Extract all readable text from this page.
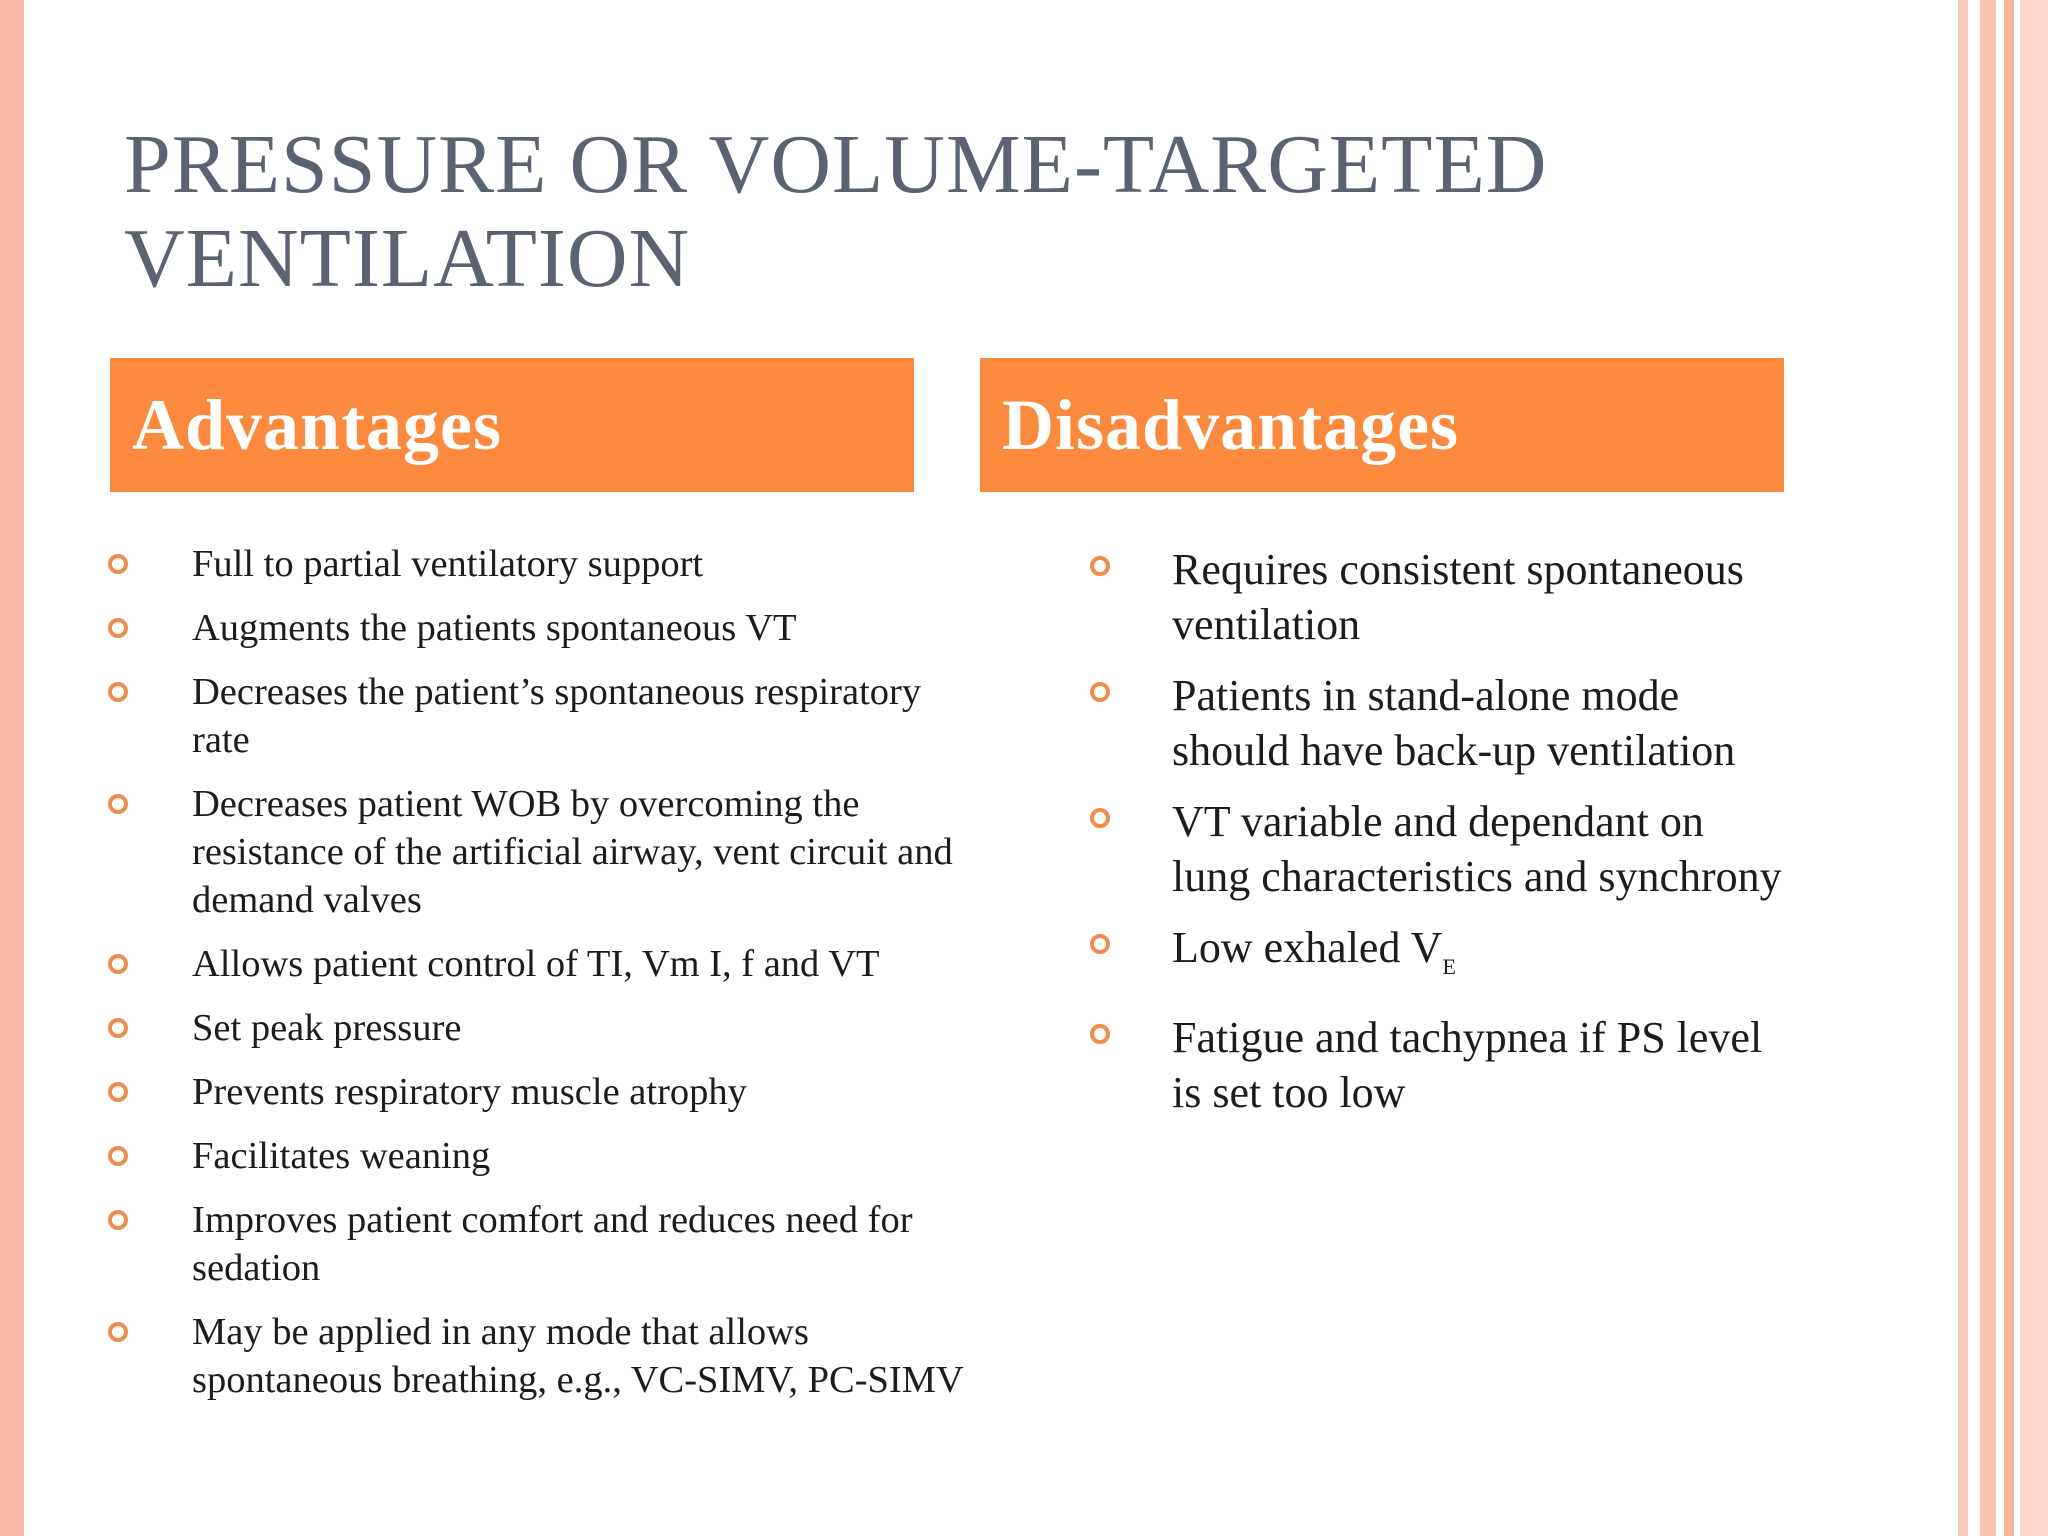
PRESSURE OR VOLUME-TARGETED
VENTILATION
Advantages	Disadvantages
Full to partial ventilatory support
Augments the patients spontaneous VT
Decreases the patient’s spontaneous respiratory rate
Decreases patient WOB by overcoming the resistance of the artificial airway, vent circuit and demand valves
Allows patient control of TI, Vm I, f and VT
Set peak pressure
Prevents respiratory muscle atrophy
Facilitates weaning
Improves patient comfort and reduces need for sedation
May be applied in any mode that allows spontaneous breathing, e.g., VC-SIMV, PC-SIMV
Requires consistent spontaneous ventilation
Patients in stand-alone mode should have back-up ventilation
VT variable and dependant on lung characteristics and synchrony
Low exhaled $V_E$
Fatigue and tachypnea if PS level is set too low
